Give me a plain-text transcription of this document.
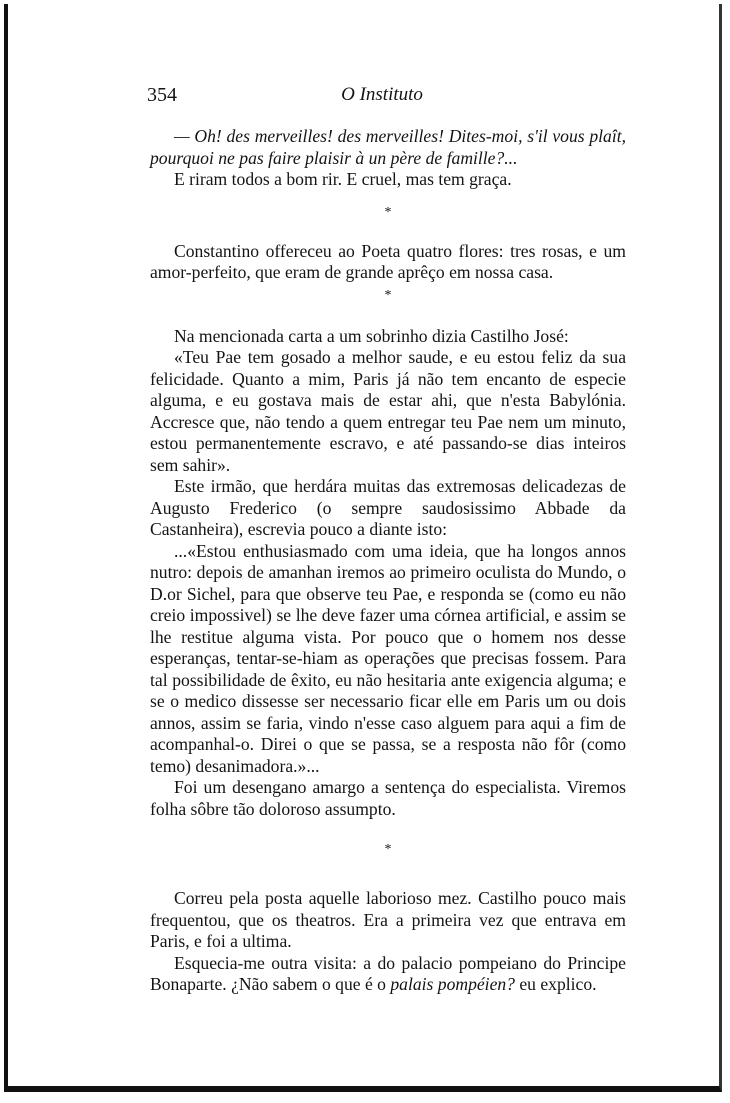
354	O Instituto

— Oh! des merveilles! des merveilles! Dites-moi, s'il vous plaît, pourquoi ne pas faire plaisir à un père de famille?...

E riram todos a bom rir. E cruel, mas tem graça.

*

Constantino offereceu ao Poeta quatro flores: tres rosas, e um amor-perfeito, que eram de grande aprêço em nossa casa.

*

Na mencionada carta a um sobrinho dizia Castilho José:

«Teu Pae tem gosado a melhor saude, e eu estou feliz da sua felicidade. Quanto a mim, Paris já não tem encanto de especie alguma, e eu gostava mais de estar ahi, que n'esta Babylónia. Accresce que, não tendo a quem entregar teu Pae nem um minuto, estou permanentemente escravo, e até passando-se dias inteiros sem sahir».

Este irmão, que herdára muitas das extremosas delicadezas de Augusto Frederico (o sempre saudosissimo Abbade da Castanheira), escrevia pouco a diante isto:

...«Estou enthusiasmado com uma ideia, que ha longos annos nutro: depois de amanhan iremos ao primeiro oculista do Mundo, o D.or Sichel, para que observe teu Pae, e responda se (como eu não creio impossivel) se lhe deve fazer uma córnea artificial, e assim se lhe restitue alguma vista. Por pouco que o homem nos desse esperanças, tentar-se-hiam as operações que precisas fossem. Para tal possibilidade de êxito, eu não hesitaria ante exigencia alguma; e se o medico dissesse ser necessario ficar elle em Paris um ou dois annos, assim se faria, vindo n'esse caso alguem para aqui a fim de acompanhal-o. Direi o que se passa, se a resposta não fôr (como temo) desanimadora.»...

Foi um desengano amargo a sentença do especialista. Viremos folha sôbre tão doloroso assumpto.

*

Correu pela posta aquelle laborioso mez. Castilho pouco mais frequentou, que os theatros. Era a primeira vez que entrava em Paris, e foi a ultima.

Esquecia-me outra visita: a do palacio pompeiano do Principe Bonaparte. ¿Não sabem o que é o palais pompéien? eu explico.
